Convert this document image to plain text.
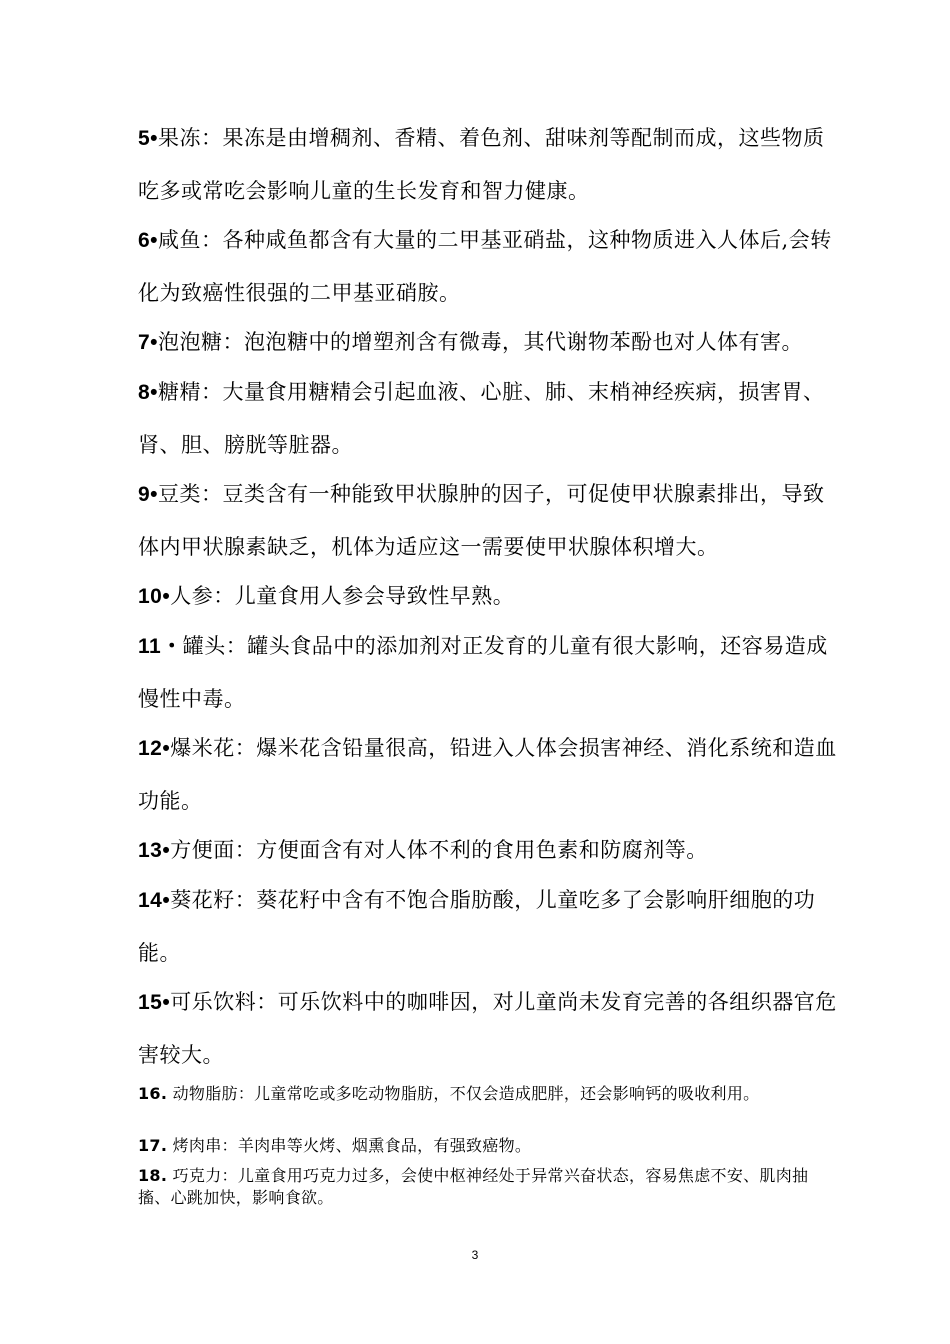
5•果冻：果冻是由增稠剂、香精、着色剂、甜味剂等配制而成，这些物质吃多或常吃会影响儿童的生长发育和智力健康。
6•咸鱼：各种咸鱼都含有大量的二甲基亚硝盐，这种物质进入人体后,会转化为致癌性很强的二甲基亚硝胺。
7•泡泡糖：泡泡糖中的增塑剂含有微毒，其代谢物苯酚也对人体有害。
8•糖精：大量食用糖精会引起血液、心脏、肺、末梢神经疾病，损害胃、肾、胆、膀胱等脏器。
9•豆类：豆类含有一种能致甲状腺肿的因子，可促使甲状腺素排出，导致体内甲状腺素缺乏，机体为适应这一需要使甲状腺体积增大。
10•人参：儿童食用人参会导致性早熟。
11・罐头：罐头食品中的添加剂对正发育的儿童有很大影响，还容易造成慢性中毒。
12•爆米花：爆米花含铅量很高，铅进入人体会损害神经、消化系统和造血功能。
13•方便面：方便面含有对人体不利的食用色素和防腐剂等。
14•葵花籽：葵花籽中含有不饱合脂肪酸，儿童吃多了会影响肝细胞的功能。
15•可乐饮料：可乐饮料中的咖啡因，对儿童尚未发育完善的各组织器官危害较大。
16. 动物脂肪：儿童常吃或多吃动物脂肪，不仅会造成肥胖，还会影响钙的吸收利用。
17. 烤肉串：羊肉串等火烤、烟熏食品，有强致癌物。
18. 巧克力：儿童食用巧克力过多，会使中枢神经处于异常兴奋状态，容易焦虑不安、肌肉抽搐、心跳加快，影响食欲。
3
